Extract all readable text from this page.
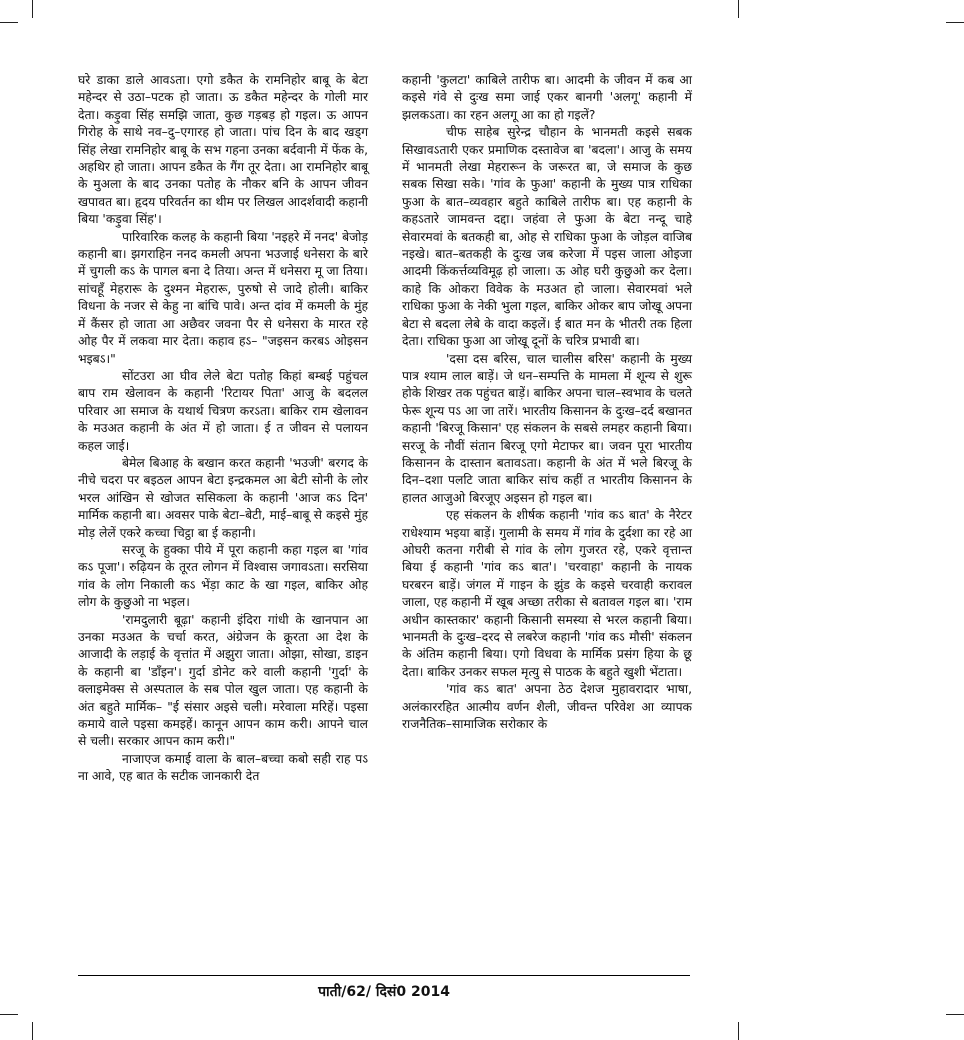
घरे डाका डाले आवऽता। एगो डकैत के रामनिहोर बाबू के बेटा महेन्दर से उठा–पटक हो जाता। ऊ डकैत महेन्दर के गोली मार देता। कड़ुवा सिंह समझि जाता, कुछ गड़बड़ हो गइल। ऊ आपन गिरोह के साथे नव–दु–एगारह हो जाता। पांच दिन के बाद खड्ग सिंह लेखा रामनिहोर बाबू के सभ गहना उनका बर्दवानी में फेंक के, अहथिर हो जाता। आपन डकैत के गैंग तूर देता। आ रामनिहोर बाबू के मुअला के बाद उनका पतोह के नौकर बनि के आपन जीवन खपावत बा। हृदय परिवर्तन का थीम पर लिखल आदर्शवादी कहानी बिया 'कड़ुवा सिंह'।

पारिवारिक कलह के कहानी बिया 'नइहरे में ननद' बेजोड़ कहानी बा। झगराहिन ननद कमली अपना भउजाई धनेसरा के बारे में चुगली कऽ के पागल बना दे तिया। अन्त में धनेसरा मू जा तिया। सांचहूँ मेहरारू के दुश्मन मेहरारू, पुरुषो से जादे होली। बाकिर विधना के नजर से केहु ना बांचि पावे। अन्त दांव में कमली के मुंह में कैंसर हो जाता आ अछैवर जवना पैर से धनेसरा के मारत रहे ओह पैर में लकवा मार देता। कहाव हऽ– "जइसन करबऽ ओइसन भइबऽ।"

सोंटउरा आ घीव लेले बेटा पतोह किहां बम्बई पहुंचल बाप राम खेलावन के कहानी 'रिटायर पिता' आजु के बदलल परिवार आ समाज के यथार्थ चित्रण करऽता। बाकिर राम खेलावन के मउअत कहानी के अंत में हो जाता। ई त जीवन से पलायन कहल जाई।

बेमेल बिआह के बखान करत कहानी 'भउजी' बरगद के नीचे चदरा पर बइठल आपन बेटा इन्द्रकमल आ बेटी सोनी के लोर भरल आंखिन से खोजत ससिकला के कहानी 'आज कऽ दिन' मार्मिक कहानी बा। अवसर पाके बेटा–बेटी, माई–बाबू से कइसे मुंह मोड़ लेलें एकरे कच्चा चिट्ठा बा ई कहानी।

सरजू के हुक्का पीये में पूरा कहानी कहा गइल बा 'गांव कऽ पूजा'। रुढ़ियन के तूरत लोगन में विश्वास जगावऽता। सरसिया गांव के लोग निकाली कऽ भेंड़ा काट के खा गइल, बाकिर ओह लोग के कुछुओ ना भइल।

'रामदुलारी बूढ़ा' कहानी इंदिरा गांधी के खानपान आ उनका मउअत के चर्चा करत, अंग्रेजन के क्रूरता आ देश के आजादी के लड़ाई के वृत्तांत में अझुरा जाता। ओझा, सोखा, डाइन के कहानी बा 'डाँइन'। गुर्दा डोनेट करे वाली कहानी 'गुर्दा' के क्लाइमेक्स से अस्पताल के सब पोल खुल जाता। एह कहानी के अंत बहुते मार्मिक– "ई संसार अइसे चली। मरेवाला मरिहें। पइसा कमाये वाले पइसा कमइहें। कानून आपन काम करी। आपने चाल से चली। सरकार आपन काम करी।"

नाजाएज कमाई वाला के बाल–बच्चा कबो सही राह पऽ ना आवे, एह बात के सटीक जानकारी देत

कहानी 'कुलटा' काबिले तारीफ बा। आदमी के जीवन में कब आ कइसे गंवे से दुःख समा जाई एकर बानगी 'अलगू' कहानी में झलकऽता। का रहन अलगू आ का हो गइलें?

चीफ साहेब सुरेन्द्र चौहान के भानमती कइसे सबक सिखावऽतारी एकर प्रमाणिक दस्तावेज बा 'बदला'। आजु के समय में भानमती लेखा मेहरारून के जरूरत बा, जे समाज के कुछ सबक सिखा सके। 'गांव के फुआ' कहानी के मुख्य पात्र राधिका फुआ के बात–व्यवहार बहुते काबिले तारीफ बा। एह कहानी के कहऽतारे जामवन्त दद्दा। जहंवा ले फुआ के बेटा नन्दू चाहे सेवारमवां के बतकही बा, ओह से राधिका फुआ के जोड़ल वाजिब नइखे। बात–बतकही के दुःख जब करेजा में पइस जाला ओइजा आदमी किंकर्त्तव्यविमूढ़ हो जाला। ऊ ओह घरी कुछुओ कर देला। काहे कि ओकरा विवेक के मउअत हो जाला। सेवारमवां भले राधिका फुआ के नेकी भुला गइल, बाकिर ओकर बाप जोखू अपना बेटा से बदला लेबे के वादा कइलें। ई बात मन के भीतरी तक हिला देता। राधिका फुआ आ जोखू दूनों के चरित्र प्रभावी बा।

'दसा दस बरिस, चाल चालीस बरिस' कहानी के मुख्य पात्र श्याम लाल बाड़ें। जे धन–सम्पत्ति के मामला में शून्य से शुरू होके शिखर तक पहुंचत बाड़ें। बाकिर अपना चाल–स्वभाव के चलते फेरू शून्य पऽ आ जा तारें। भारतीय किसानन के दुःख–दर्द बखानत कहानी 'बिरजू किसान' एह संकलन के सबसे लमहर कहानी बिया। सरजू के नौवीं संतान बिरजू एगो मेटाफर बा। जवन पूरा भारतीय किसानन के दास्तान बतावऽता। कहानी के अंत में भले बिरजू के दिन–दशा पलटि जाता बाकिर सांच कहीं त भारतीय किसानन के हालत आजुओ बिरजूए अइसन हो गइल बा।

एह संकलन के शीर्षक कहानी 'गांव कऽ बात' के नैरेटर राधेश्याम भइया बाड़ें। गुलामी के समय में गांव के दुर्दशा का रहे आ ओघरी कतना गरीबी से गांव के लोग गुजरत रहे, एकरे वृत्तान्त बिया ई कहानी 'गांव कऽ बात'। 'चरवाहा' कहानी के नायक घरबरन बाड़ें। जंगल में गाइन के झुंड के कइसे चरवाही करावल जाला, एह कहानी में खूब अच्छा तरीका से बतावल गइल बा। 'राम अधीन कास्तकार' कहानी किसानी समस्या से भरल कहानी बिया। भानमती के दुःख–दरद से लबरेज कहानी 'गांव कऽ मौसी' संकलन के अंतिम कहानी बिया। एगो विधवा के मार्मिक प्रसंग हिया के छू देता। बाकिर उनकर सफल मृत्यु से पाठक के बहुते खुशी भेंटाता।

'गांव कऽ बात' अपना ठेठ देशज मुहावरादार भाषा, अलंकाररहित आत्मीय वर्णन शैली, जीवन्त परिवेश आ व्यापक राजनैतिक–सामाजिक सरोकार के

पाती/62/ दिसं0 2014
